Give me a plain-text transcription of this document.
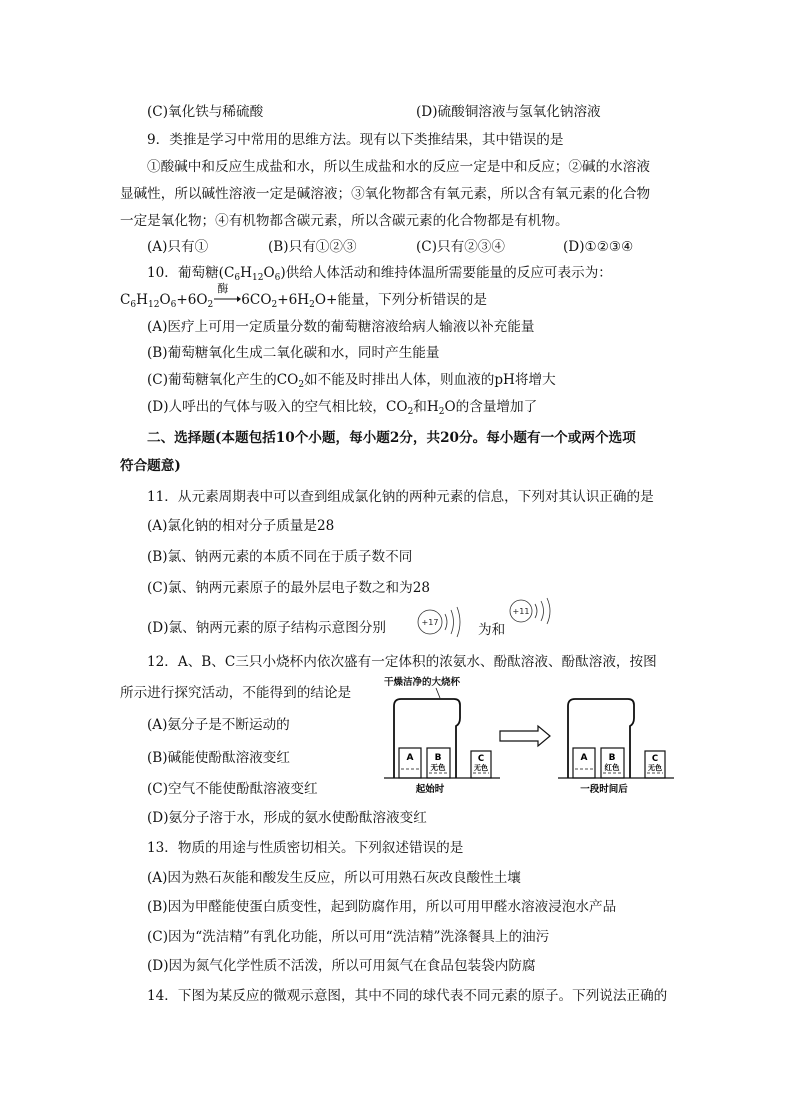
(C)氧化铁与稀硫酸	(D)硫酸铜溶液与氢氧化钠溶液
9．类推是学习中常用的思维方法。现有以下类推结果，其中错误的是
①酸碱中和反应生成盐和水，所以生成盐和水的反应一定是中和反应；②碱的水溶液
显碱性，所以碱性溶液一定是碱溶液；③氧化物都含有氧元素，所以含有氧元素的化合物
一定是氧化物；④有机物都含碳元素，所以含碳元素的化合物都是有机物。
(A)只有①	(B)只有①②③	(C)只有②③④	(D)①②③④
10．葡萄糖$(C_6H_{12}O_6)$供给人体活动和维持体温所需要能量的反应可表示为：
$C_6H_{12}O_6+6O_2$
酶
$6CO_2+6H_2O+$能量，下列分析错误的是
(A)医疗上可用一定质量分数的葡萄糖溶液给病人输液以补充能量
(B)葡萄糖氧化生成二氧化碳和水，同时产生能量
(C)葡萄糖氧化产生的$CO_2$如不能及时排出人体，则血液的pH将增大
(D)人呼出的气体与吸入的空气相比较，$CO_2$和$H_2O$的含量增加了
二、选择题(本题包括10个小题，每小题2分，共20分。每小题有一个或两个选项
符合题意)
11．从元素周期表中可以查到组成氯化钠的两种元素的信息，下列对其认识正确的是
(A)氯化钠的相对分子质量是28
(B)氯、钠两元素的本质不同在于质子数不同
(C)氯、钠两元素原子的最外层电子数之和为28
(D)氯、钠两元素的原子结构示意图分别	+17	为和
+11
12．A、B、C三只小烧杯内依次盛有一定体积的浓氨水、酚酞溶液、酚酞溶液，按图
所示进行探究活动，不能得到的结论是
(A)氨分子是不断运动的
(B)碱能使酚酞溶液变红
(C)空气不能使酚酞溶液变红
(D)氨分子溶于水，形成的氨水使酚酞溶液变红
干燥洁净的大烧杯
A B
无色
C
无色
起始时
A B
红色
C
无色
一段时间后
13．物质的用途与性质密切相关。下列叙述错误的是
(A)因为熟石灰能和酸发生反应，所以可用熟石灰改良酸性土壤
(B)因为甲醛能使蛋白质变性，起到防腐作用，所以可用甲醛水溶液浸泡水产品
(C)因为“洗洁精”有乳化功能，所以可用“洗洁精”洗涤餐具上的油污
(D)因为氮气化学性质不活泼，所以可用氮气在食品包装袋内防腐
14．下图为某反应的微观示意图，其中不同的球代表不同元素的原子。下列说法正确的
